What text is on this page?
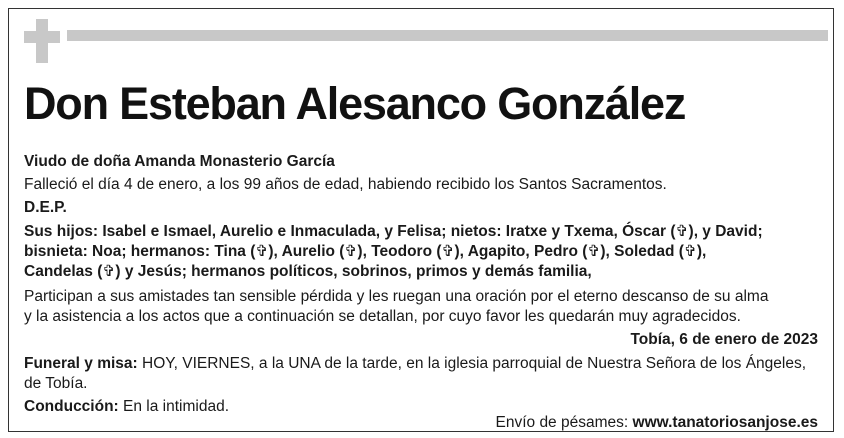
Don Esteban Alesanco González

Viudo de doña Amanda Monasterio García

Falleció el día 4 de enero, a los 99 años de edad, habiendo recibido los Santos Sacramentos.

D.E.P.

Sus hijos: Isabel e Ismael, Aurelio e Inmaculada, y Felisa; nietos: Iratxe y Txema, Óscar (✞), y David;

bisnieta: Noa; hermanos: Tina (✞), Aurelio (✞), Teodoro (✞), Agapito, Pedro (✞), Soledad (✞),

Candelas (✞) y Jesús; hermanos políticos, sobrinos, primos y demás familia,

Participan a sus amistades tan sensible pérdida y les ruegan una oración por el eterno descanso de su alma

y la asistencia a los actos que a continuación se detallan, por cuyo favor les quedarán muy agradecidos.

Tobía, 6 de enero de 2023

Funeral y misa: HOY, VIERNES, a la UNA de la tarde, en la iglesia parroquial de Nuestra Señora de los Ángeles,

de Tobía.

Conducción: En la intimidad.

Envío de pésames: www.tanatoriosanjose.es
